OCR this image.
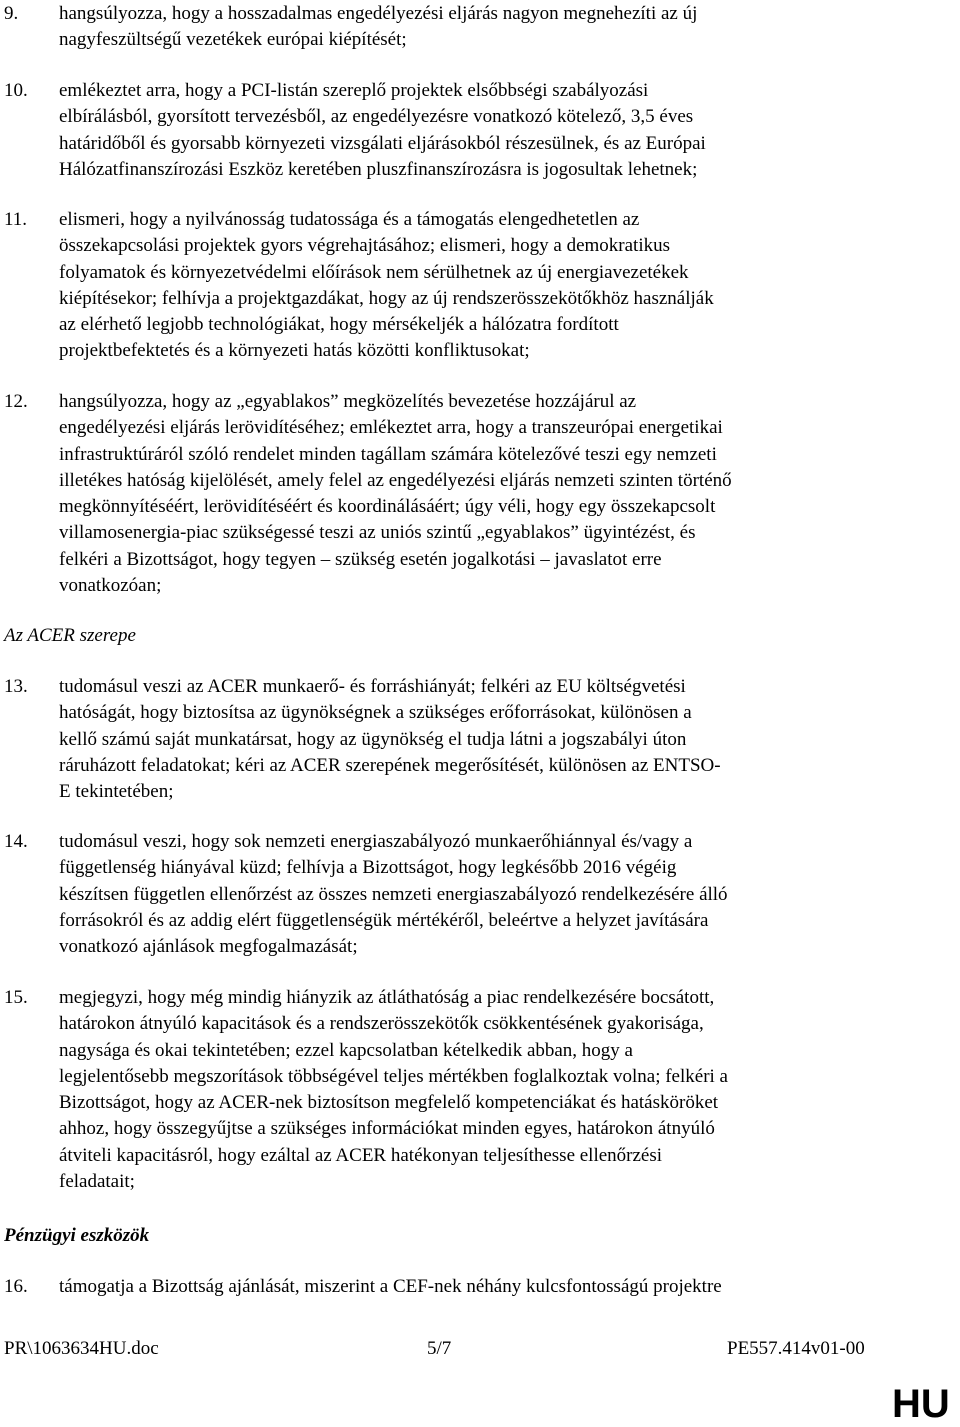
9. hangsúlyozza, hogy a hosszadalmas engedélyezési eljárás nagyon megnehezíti az új
nagyfeszültségű vezetékek európai kiépítését;
10. emlékeztet arra, hogy a PCI-listán szereplő projektek elsőbbségi szabályozási
elbírálásból, gyorsított tervezésből, az engedélyezésre vonatkozó kötelező, 3,5 éves
határidőből és gyorsabb környezeti vizsgálati eljárásokból részesülnek, és az Európai
Hálózatfinanszírozási Eszköz keretében pluszfinanszírozásra is jogosultak lehetnek;
11. elismeri, hogy a nyilvánosság tudatossága és a támogatás elengedhetetlen az
összekapcsolási projektek gyors végrehajtásához; elismeri, hogy a demokratikus
folyamatok és környezetvédelmi előírások nem sérülhetnek az új energiavezetékek
kiépítésekor; felhívja a projektgazdákat, hogy az új rendszerösszekötőkhöz használják
az elérhető legjobb technológiákat, hogy mérsékeljék a hálózatra fordított
projektbefektetés és a környezeti hatás közötti konfliktusokat;
12. hangsúlyozza, hogy az „egyablakos” megközelítés bevezetése hozzájárul az
engedélyezési eljárás lerövidítéséhez; emlékeztet arra, hogy a transzeurópai energetikai
infrastruktúráról szóló rendelet minden tagállam számára kötelezővé teszi egy nemzeti
illetékes hatóság kijelölését, amely felel az engedélyezési eljárás nemzeti szinten történő
megkönnyítéséért, lerövidítéséért és koordinálásáért; úgy véli, hogy egy összekapcsolt
villamosenergia-piac szükségessé teszi az uniós szintű „egyablakos” ügyintézést, és
felkéri a Bizottságot, hogy tegyen – szükség esetén jogalkotási – javaslatot erre
vonatkozóan;
Az ACER szerepe
13. tudomásul veszi az ACER munkaerő- és forráshiányát; felkéri az EU költségvetési
hatóságát, hogy biztosítsa az ügynökségnek a szükséges erőforrásokat, különösen a
kellő számú saját munkatársat, hogy az ügynökség el tudja látni a jogszabályi úton
ráruházott feladatokat; kéri az ACER szerepének megerősítését, különösen az ENTSO-
E tekintetében;
14. tudomásul veszi, hogy sok nemzeti energiaszabályozó munkaerőhiánnyal és/vagy a
függetlenség hiányával küzd; felhívja a Bizottságot, hogy legkésőbb 2016 végéig
készítsen független ellenőrzést az összes nemzeti energiaszabályozó rendelkezésére álló
forrásokról és az addig elért függetlenségük mértékéről, beleértve a helyzet javítására
vonatkozó ajánlások megfogalmazását;
15. megjegyzi, hogy még mindig hiányzik az átláthatóság a piac rendelkezésére bocsátott,
határokon átnyúló kapacitások és a rendszerösszekötők csökkentésének gyakorisága,
nagysága és okai tekintetében; ezzel kapcsolatban kételkedik abban, hogy a
legjelentősebb megszorítások többségével teljes mértékben foglalkoztak volna; felkéri a
Bizottságot, hogy az ACER-nek biztosítson megfelelő kompetenciákat és hatásköröket
ahhoz, hogy összegyűjtse a szükséges információkat minden egyes, határokon átnyúló
átviteli kapacitásról, hogy ezáltal az ACER hatékonyan teljesíthesse ellenőrzési
feladatait;
Pénzügyi eszközök
16. támogatja a Bizottság ajánlását, miszerint a CEF-nek néhány kulcsfontosságú projektre
PR\1063634HU.doc	5/7	PE557.414v01-00
HU
